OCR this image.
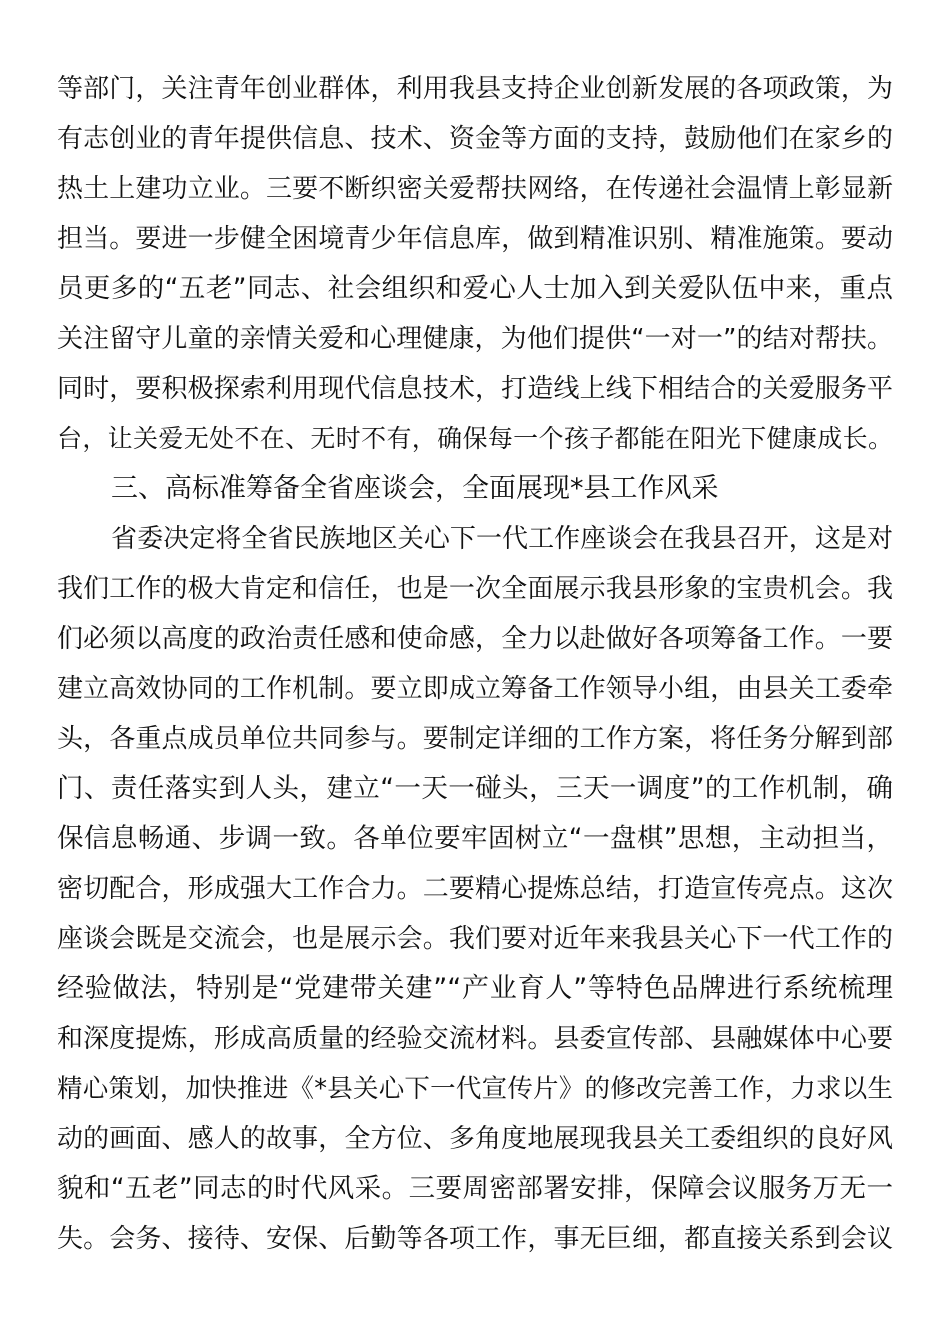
等部门，关注青年创业群体，利用我县支持企业创新发展的各项政策，为
有志创业的青年提供信息、技术、资金等方面的支持，鼓励他们在家乡的
热土上建功立业。三要不断织密关爱帮扶网络，在传递社会温情上彰显新
担当。要进一步健全困境青少年信息库，做到精准识别、精准施策。要动
员更多的“五老”同志、社会组织和爱心人士加入到关爱队伍中来，重点
关注留守儿童的亲情关爱和心理健康，为他们提供“一对一”的结对帮扶。
同时，要积极探索利用现代信息技术，打造线上线下相结合的关爱服务平
台，让关爱无处不在、无时不有，确保每一个孩子都能在阳光下健康成长。
三、高标准筹备全省座谈会，全面展现*县工作风采
省委决定将全省民族地区关心下一代工作座谈会在我县召开，这是对
我们工作的极大肯定和信任，也是一次全面展示我县形象的宝贵机会。我
们必须以高度的政治责任感和使命感，全力以赴做好各项筹备工作。一要
建立高效协同的工作机制。要立即成立筹备工作领导小组，由县关工委牵
头，各重点成员单位共同参与。要制定详细的工作方案，将任务分解到部
门、责任落实到人头，建立“一天一碰头，三天一调度”的工作机制，确
保信息畅通、步调一致。各单位要牢固树立“一盘棋”思想，主动担当，
密切配合，形成强大工作合力。二要精心提炼总结，打造宣传亮点。这次
座谈会既是交流会，也是展示会。我们要对近年来我县关心下一代工作的
经验做法，特别是“党建带关建”“产业育人”等特色品牌进行系统梳理
和深度提炼，形成高质量的经验交流材料。县委宣传部、县融媒体中心要
精心策划，加快推进《*县关心下一代宣传片》的修改完善工作，力求以生
动的画面、感人的故事，全方位、多角度地展现我县关工委组织的良好风
貌和“五老”同志的时代风采。三要周密部署安排，保障会议服务万无一
失。会务、接待、安保、后勤等各项工作，事无巨细，都直接关系到会议
